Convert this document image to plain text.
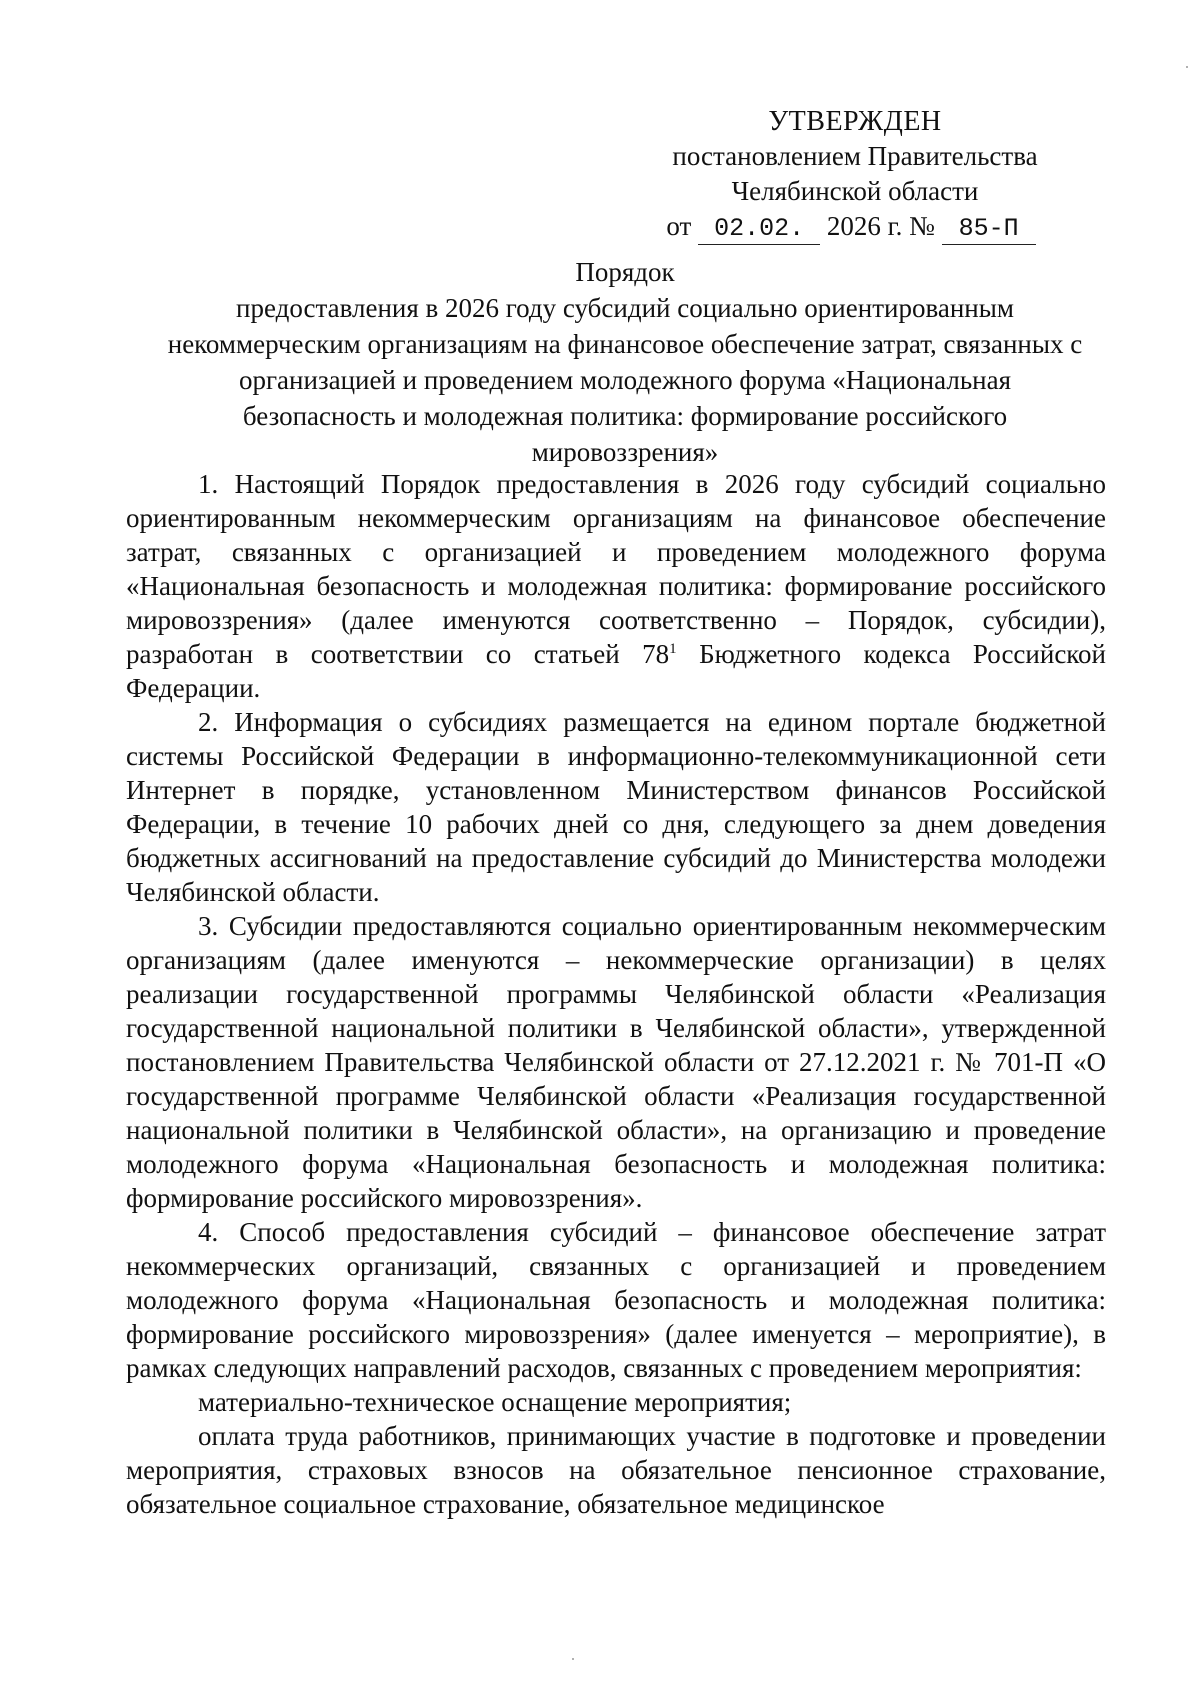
УТВЕРЖДЕН
постановлением Правительства
Челябинской области
от 02.02. 2026 г. № 85-П
Порядок
предоставления в 2026 году субсидий социально ориентированным
некоммерческим организациям на финансовое обеспечение затрат, связанных с
организацией и проведением молодежного форума «Национальная
безопасность и молодежная политика: формирование российского
мировоззрения»

1. Настоящий Порядок предоставления в 2026 году субсидий социально ориентированным некоммерческим организациям на финансовое обеспечение затрат, связанных с организацией и проведением молодежного форума «Национальная безопасность и молодежная политика: формирование российского мировоззрения» (далее именуются соответственно – Порядок, субсидии), разработан в соответствии со статьей $78^1$ Бюджетного кодекса Российской Федерации.

2. Информация о субсидиях размещается на едином портале бюджетной системы Российской Федерации в информационно-телекоммуникационной сети Интернет в порядке, установленном Министерством финансов Российской Федерации, в течение 10 рабочих дней со дня, следующего за днем доведения бюджетных ассигнований на предоставление субсидий до Министерства молодежи Челябинской области.

3. Субсидии предоставляются социально ориентированным некоммерческим организациям (далее именуются – некоммерческие организации) в целях реализации государственной программы Челябинской области «Реализация государственной национальной политики в Челябинской области», утвержденной постановлением Правительства Челябинской области от 27.12.2021 г. № 701-П «О государственной программе Челябинской области «Реализация государственной национальной политики в Челябинской области», на организацию и проведение молодежного форума «Национальная безопасность и молодежная политика: формирование российского мировоззрения».

4. Способ предоставления субсидий – финансовое обеспечение затрат некоммерческих организаций, связанных с организацией и проведением молодежного форума «Национальная безопасность и молодежная политика: формирование российского мировоззрения» (далее именуется – мероприятие), в рамках следующих направлений расходов, связанных с проведением мероприятия:

материально-техническое оснащение мероприятия;

оплата труда работников, принимающих участие в подготовке и проведении мероприятия, страховых взносов на обязательное пенсионное страхование, обязательное социальное страхование, обязательное медицинское
